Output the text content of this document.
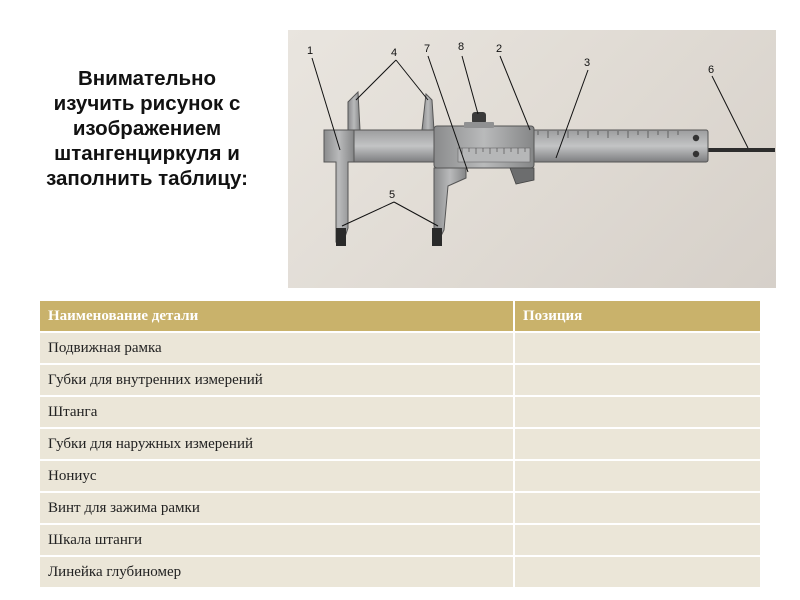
Внимательно
изучить рисунок с
изображением
штангенциркуля и
заполнить таблицу:
1	4 7	8	2
3
6
5
Наименование детали	Позиция
Подвижная рамка	
Губки для внутренних измерений	
Штанга	
Губки для наружных измерений	
Нониус	
Винт для зажима рамки	
Шкала штанги	
Линейка глубиномер	
